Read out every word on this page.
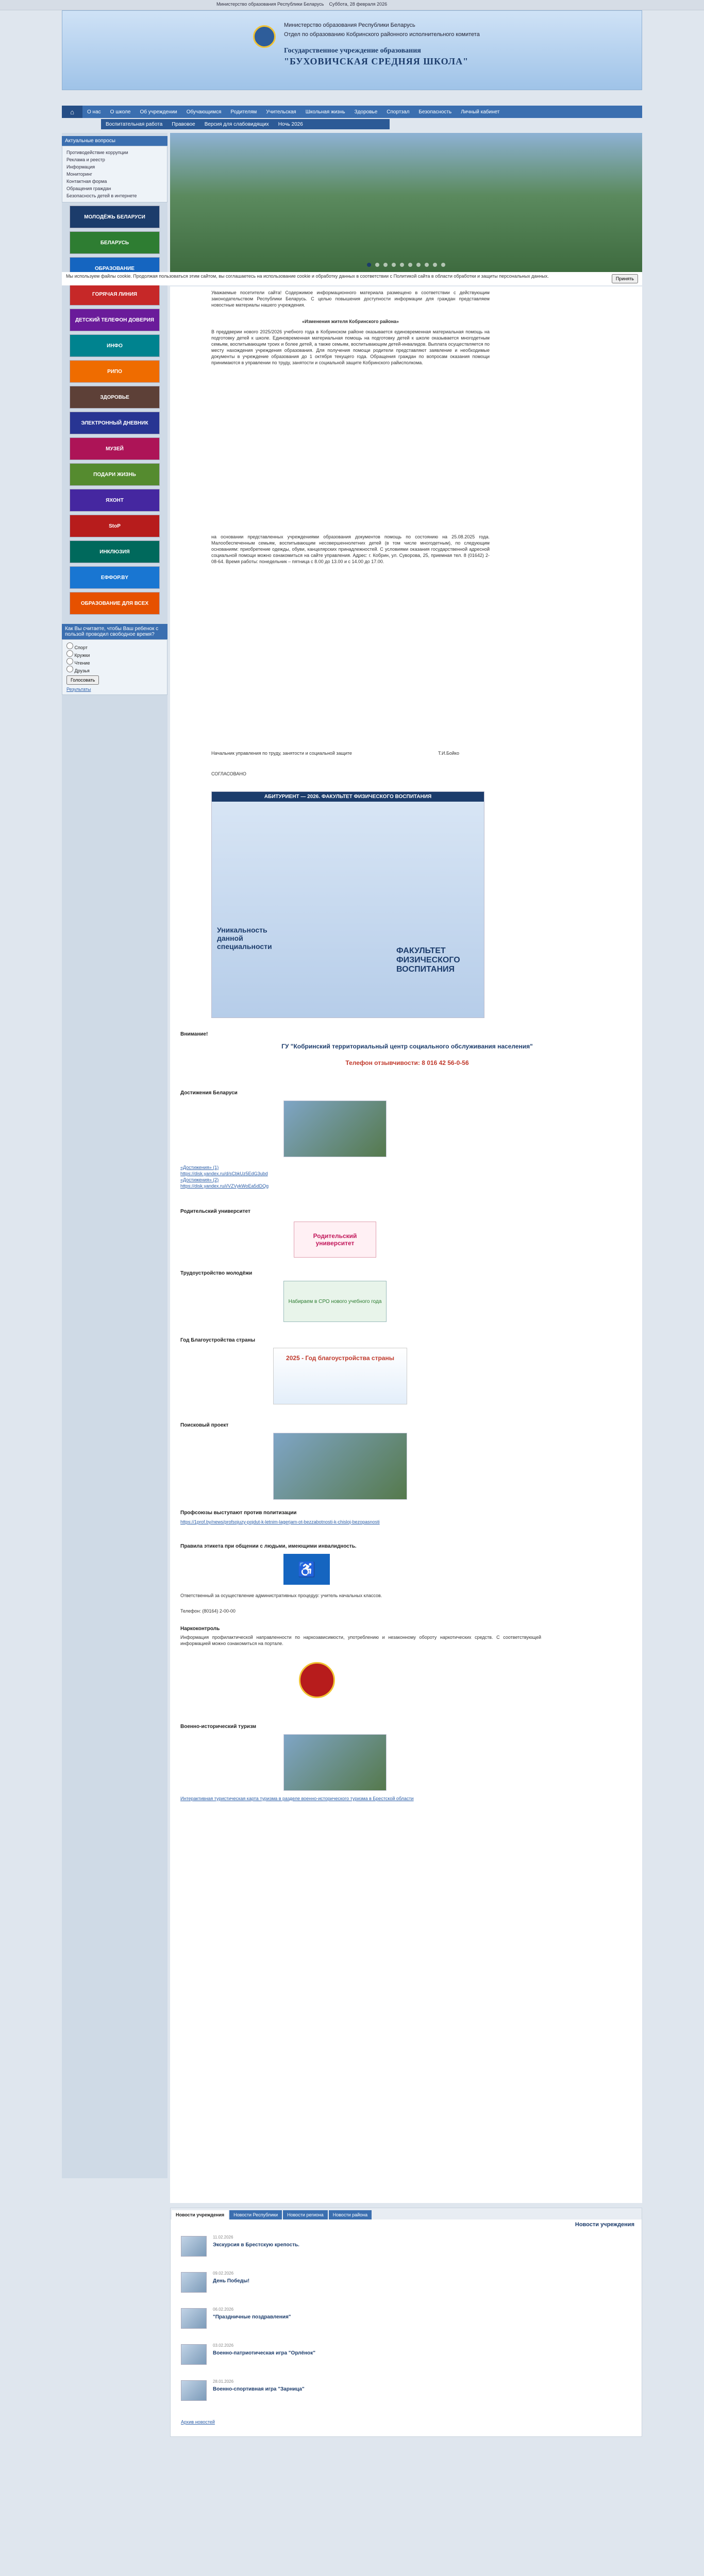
Министерство образования Республики Беларусь Суббота, 28 февраля 2026
Министерство образования Республики Беларусь
Отдел по образованию Кобринского районного исполнительного комитета
Государственное учреждение образования
"БУХОВИЧСКАЯ СРЕДНЯЯ ШКОЛА"
⌂	О нас	О школе	Об учреждении	Обучающимся	Родителям	Учительская	Школьная жизнь	Здоровье	Спортзал	Безопасность	Личный кабинет
Воспитательная работа	Правовое	Версия для слабовидящих	Ночь 2026
Актуальные вопросы
Противодействие коррупции
Реклама и реестр
Информация
Мониторинг
Контактная форма
Обращения граждан
Безопасность детей в интернете
МОЛОДЁЖЬ БЕЛАРУСИ
БЕЛАРУСЬ
ОБРАЗОВАНИЕ
ГОРЯЧАЯ ЛИНИЯ
ДЕТСКИЙ ТЕЛЕФОН ДОВЕРИЯ
ИНФО
РИПО
ЗДОРОВЬЕ
ЭЛЕКТРОННЫЙ ДНЕВНИК
МУЗЕЙ
ПОДАРИ ЖИЗНЬ
ЯХОНТ
StoP
ИНКЛЮЗИЯ
ЕФФОР.BY
ОБРАЗОВАНИЕ ДЛЯ ВСЕХ
Как Вы считаете, чтобы Ваш ребенок с пользой проводил свободное время?
Спорт
Кружки
Чтение
Друзья
Голосовать
Результаты
Мы используем файлы cookie. Продолжая пользоваться этим сайтом, вы соглашаетесь на использование cookie и обработку данных в соответствии с Политикой сайта в области обработки и защиты персональных данных.	Принять
Уважаемые посетители сайта! Содержимое информационного материала размещено в соответствии с действующим законодательством Республики Беларусь. С целью повышения доступности информации для граждан представляем новостные материалы нашего учреждения.
«Изменения жителя Кобринского района»
В преддверии нового 2025/2026 учебного года в Кобринском районе оказывается единовременная материальная помощь на подготовку детей к школе. Единовременная материальная помощь на подготовку детей к школе оказывается многодетным семьям, воспитывающим троих и более детей, а также семьям, воспитывающим детей-инвалидов. Выплата осуществляется по месту нахождения учреждения образования. Для получения помощи родители представляют заявление и необходимые документы в учреждение образования до 1 октября текущего года. Обращения граждан по вопросам оказания помощи принимаются в управлении по труду, занятости и социальной защите Кобринского райисполкома.
на основании представленных учреждениями образования документов помощь по состоянию на 25.08.2025 года. Малообеспеченным семьям, воспитывающим несовершеннолетних детей (в том числе многодетным), по следующим основаниям: приобретение одежды, обуви, канцелярских принадлежностей. С условиями оказания государственной адресной социальной помощи можно ознакомиться на сайте управления. Адрес: г. Кобрин, ул. Суворова, 25, приемная тел. 8 (01642) 2-08-64. Время работы: понедельник – пятница с 8.00 до 13.00 и с 14.00 до 17.00.
Начальник управления по труду, занятости и социальной защите	Т.И.Бойко
СОГЛАСОВАНО
АБИТУРИЕНТ — 2026. ФАКУЛЬТЕТ ФИЗИЧЕСКОГО ВОСПИТАНИЯ
Уникальность данной специальности	ФАКУЛЬТЕТ ФИЗИЧЕСКОГО ВОСПИТАНИЯ
Внимание!
ГУ "Кобринский территориальный центр социального обслуживания населения"
Телефон отзывчивости: 8 016 42 56-0-56
Достижения Беларуси
«Достижения» (1)
https://disk.yandex.ru/d/sCbkUz5EdG3ubd
«Достижения» (2)
https://disk.yandex.ru/i/VZVykWoEa5dDQg
Родительский университет
Родительский университет
Трудоустройство молодёжи
Набираем в СРО нового учебного года
Год Благоустройства страны
2025 - Год благоустройства страны
Поисковый проект
Профсоюзы выступают против политизации
https://1prof.by/news/profsojuzy-pojdut-k-letnim-lagerjam-ot-bezzabotnosti-k-chisloj-bezopasnosti
Правила этикета при общении с людьми, имеющими инвалидность.
♿
Ответственный за осуществление административных процедур: учитель начальных классов.
Телефон: (80164) 2-00-00
Наркоконтроль
Информация профилактической направленности по наркозависимости, употреблению и незаконному обороту наркотических средств. С соответствующей информацией можно ознакомиться на портале.
Военно-исторический туризм
Интерактивная туристическая карта туризма в разделе военно-исторического туризма в Брестской области
Новости учреждения	Новости Республики	Новости региона	Новости района
Новости учреждения
11.02.2026
Экскурсия в Брестскую крепость.
09.02.2026
День Победы!
06.02.2026
"Праздничные поздравления"
03.02.2026
Военно-патриотическая игра "Орлёнок"
28.01.2026
Военно-спортивная игра "Зарница"
Архив новостей
